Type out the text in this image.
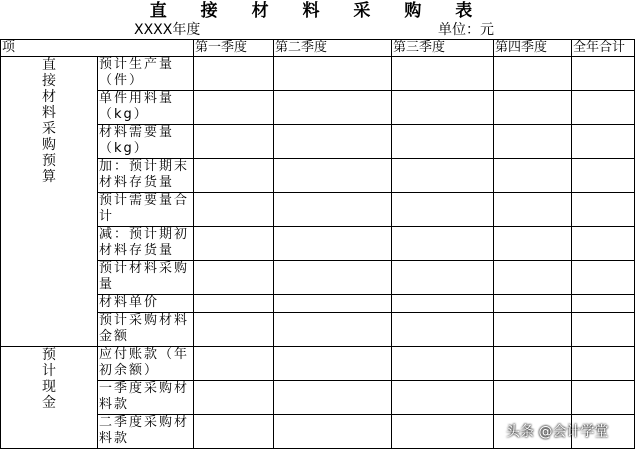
直 接 材 料 采 购 表
XXXX年度	单位：元
项		第一季度	第二季度	第三季度	第四季度	全年合计
直接材料采购预算	预计生产量（件）					
	单件用料量（kg）					
	材料需要量（kg）					
	加：预计期末材料存货量					
	预计需要量合计					
	减：预计期初材料存货量					
	预计材料采购量					
	材料单价					
	预计采购材料金额					
预计现金	应付账款（年初余额）					
	一季度采购材料款					
	二季度采购材料款						头条 @会计学堂
